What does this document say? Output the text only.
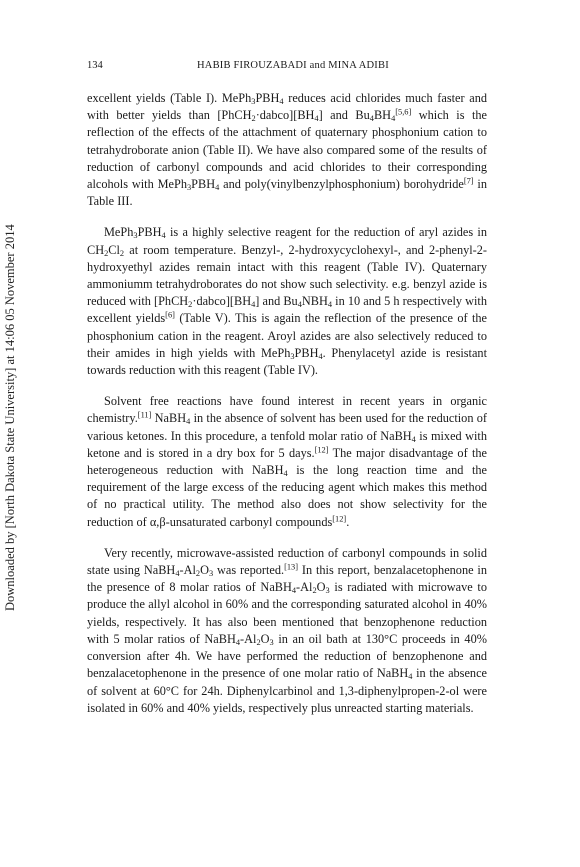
Downloaded by [North Dakota State University] at 14:06 05 November 2014
134	HABIB FIROUZABADI and MINA ADIBI

excellent yields (Table I). $MePh_3PBH_4$ reduces acid chlorides much faster and with better yields than $[PhCH_2\cdot dabco][BH_4]$ and $Bu_4BH_4[5,6]$ which is the reflection of the effects of the attachment of quaternary phosphonium cation to tetrahydroborate anion (Table II). We have also compared some of the results of reduction of carbonyl compounds and acid chlorides to their corresponding alcohols with $MePh_3PBH_4$ and poly(vinylbenzylphosphonium) borohydride[7] in Table III.

$MePh_3PBH_4$ is a highly selective reagent for the reduction of aryl azides in $CH_2Cl_2$ at room temperature. Benzyl-, 2-hydroxycyclohexyl-, and 2-phenyl-2-hydroxyethyl azides remain intact with this reagent (Table IV). Quaternary ammoniumm tetrahydroborates do not show such selectivity. e.g. benzyl azide is reduced with $[PhCH_2\cdot dabco][BH_4]$ and $Bu_4NBH_4$ in 10 and 5 h respectively with excellent yields[6] (Table V). This is again the reflection of the presence of the phosphonium cation in the reagent. Aroyl azides are also selectively reduced to their amides in high yields with $MePh_3PBH_4$. Phenylacetyl azide is resistant towards reduction with this reagent (Table IV).

Solvent free reactions have found interest in recent years in organic chemistry.[11] NaBH$_4$ in the absence of solvent has been used for the reduction of various ketones. In this procedure, a tenfold molar ratio of NaBH$_4$ is mixed with ketone and is stored in a dry box for 5 days.[12] The major disadvantage of the heterogeneous reduction with NaBH$_4$ is the long reaction time and the requirement of the large excess of the reducing agent which makes this method of no practical utility. The method also does not show selectivity for the reduction of α,β-unsaturated carbonyl compounds[12].

Very recently, microwave-assisted reduction of carbonyl compounds in solid state using $NaBH_4-Al_2O_3$ was reported.[13] In this report, benzalacetophenone in the presence of 8 molar ratios of $NaBH_4-Al_2O_3$ is radiated with microwave to produce the allyl alcohol in 60% and the corresponding saturated alcohol in 40% yields, respectively. It has also been mentioned that benzophenone reduction with 5 molar ratios of $NaBH_4-Al_2O_3$ in an oil bath at 130°C proceeds in 40% conversion after 4h. We have performed the reduction of benzophenone and benzalacetophenone in the presence of one molar ratio of NaBH$_4$ in the absence of solvent at 60°C for 24h. Diphenylcarbinol and 1,3-diphenylpropen-2-ol were isolated in 60% and 40% yields, respectively plus unreacted starting materials.
